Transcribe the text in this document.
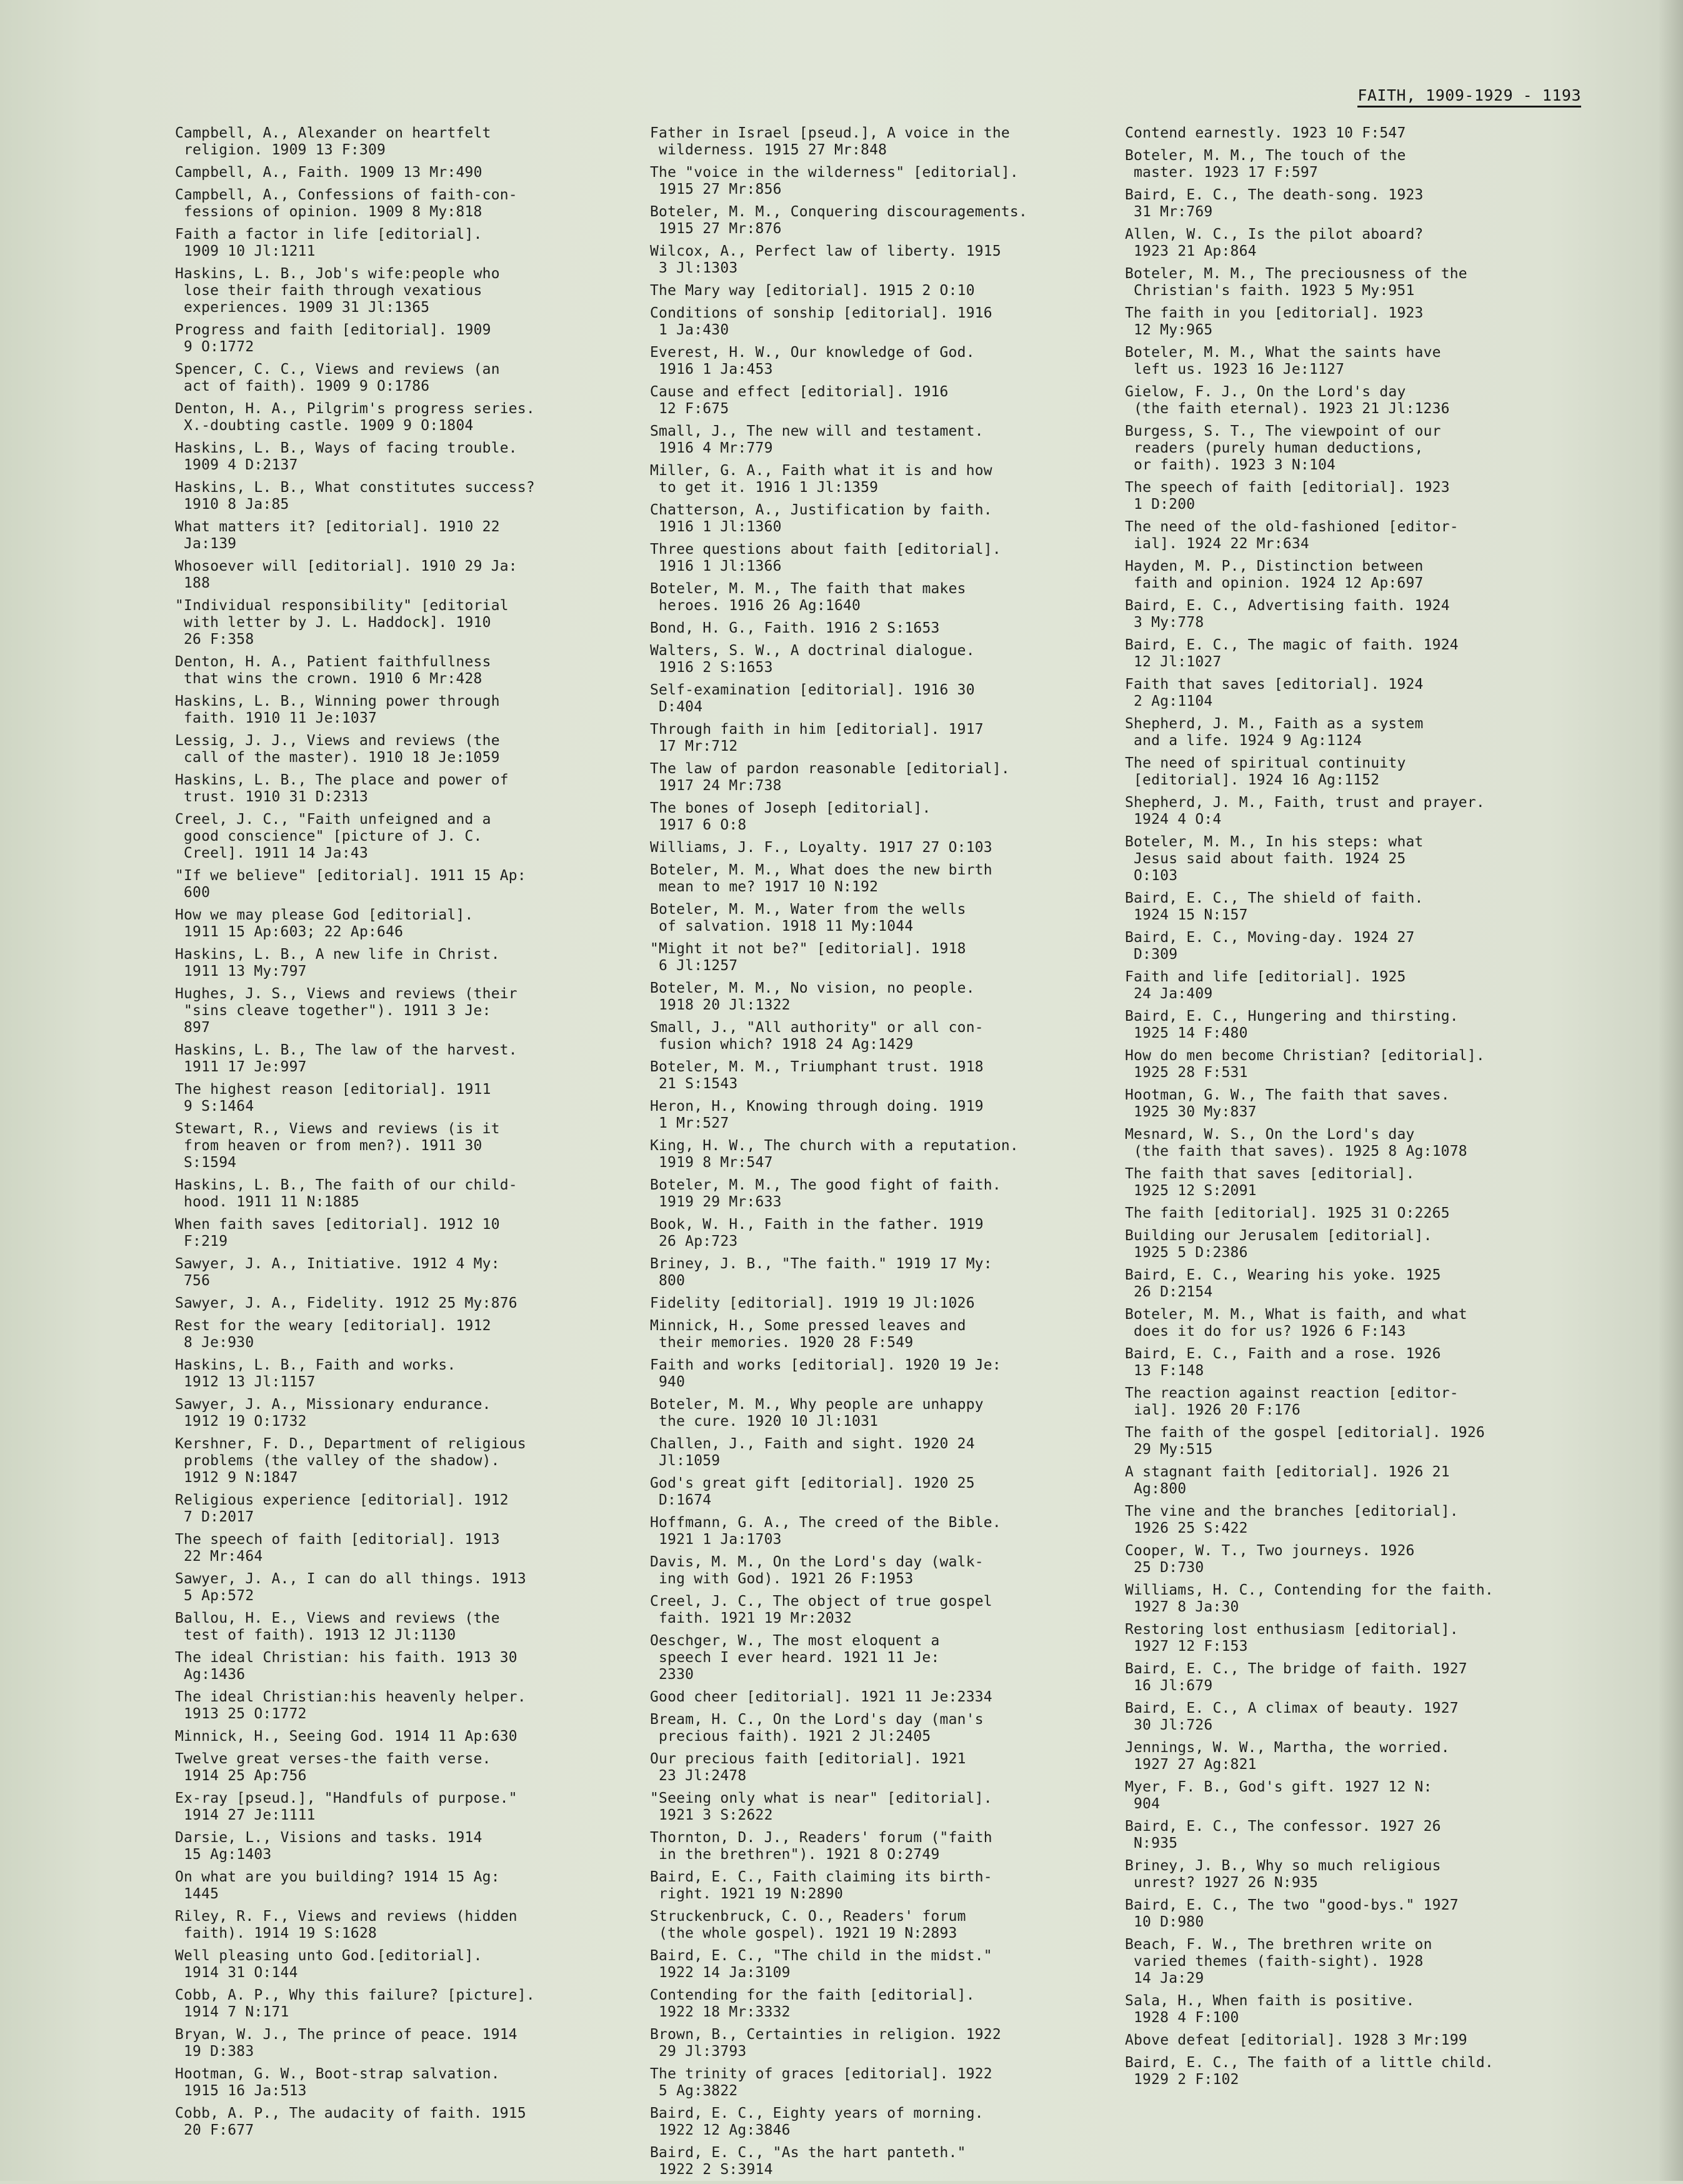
FAITH, 1909-1929 - 1193
Campbell, A., Alexander on heartfelt
religion. 1909 13 F:309
Campbell, A., Faith. 1909 13 Mr:490
Campbell, A., Confessions of faith-con-
fessions of opinion. 1909 8 My:818
Faith a factor in life [editorial].
1909 10 Jl:1211
Haskins, L. B., Job's wife:people who
lose their faith through vexatious
experiences. 1909 31 Jl:1365
Progress and faith [editorial]. 1909
9 O:1772
Spencer, C. C., Views and reviews (an
act of faith). 1909 9 O:1786
Denton, H. A., Pilgrim's progress series.
X.-doubting castle. 1909 9 O:1804
Haskins, L. B., Ways of facing trouble.
1909 4 D:2137
Haskins, L. B., What constitutes success?
1910 8 Ja:85
What matters it? [editorial]. 1910 22
Ja:139
Whosoever will [editorial]. 1910 29 Ja:
188
"Individual responsibility" [editorial
with letter by J. L. Haddock]. 1910
26 F:358
Denton, H. A., Patient faithfullness
that wins the crown. 1910 6 Mr:428
Haskins, L. B., Winning power through
faith. 1910 11 Je:1037
Lessig, J. J., Views and reviews (the
call of the master). 1910 18 Je:1059
Haskins, L. B., The place and power of
trust. 1910 31 D:2313
Creel, J. C., "Faith unfeigned and a
good conscience" [picture of J. C.
Creel]. 1911 14 Ja:43
"If we believe" [editorial]. 1911 15 Ap:
600
How we may please God [editorial].
1911 15 Ap:603; 22 Ap:646
Haskins, L. B., A new life in Christ.
1911 13 My:797
Hughes, J. S., Views and reviews (their
"sins cleave together"). 1911 3 Je:
897
Haskins, L. B., The law of the harvest.
1911 17 Je:997
The highest reason [editorial]. 1911
9 S:1464
Stewart, R., Views and reviews (is it
from heaven or from men?). 1911 30
S:1594
Haskins, L. B., The faith of our child-
hood. 1911 11 N:1885
When faith saves [editorial]. 1912 10
F:219
Sawyer, J. A., Initiative. 1912 4 My:
756
Sawyer, J. A., Fidelity. 1912 25 My:876
Rest for the weary [editorial]. 1912
8 Je:930
Haskins, L. B., Faith and works.
1912 13 Jl:1157
Sawyer, J. A., Missionary endurance.
1912 19 O:1732
Kershner, F. D., Department of religious
problems (the valley of the shadow).
1912 9 N:1847
Religious experience [editorial]. 1912
7 D:2017
The speech of faith [editorial]. 1913
22 Mr:464
Sawyer, J. A., I can do all things. 1913
5 Ap:572
Ballou, H. E., Views and reviews (the
test of faith). 1913 12 Jl:1130
The ideal Christian: his faith. 1913 30
Ag:1436
The ideal Christian:his heavenly helper.
1913 25 O:1772
Minnick, H., Seeing God. 1914 11 Ap:630
Twelve great verses-the faith verse.
1914 25 Ap:756
Ex-ray [pseud.], "Handfuls of purpose."
1914 27 Je:1111
Darsie, L., Visions and tasks. 1914
15 Ag:1403
On what are you building? 1914 15 Ag:
1445
Riley, R. F., Views and reviews (hidden
faith). 1914 19 S:1628
Well pleasing unto God.[editorial].
1914 31 O:144
Cobb, A. P., Why this failure? [picture].
1914 7 N:171
Bryan, W. J., The prince of peace. 1914
19 D:383
Hootman, G. W., Boot-strap salvation.
1915 16 Ja:513
Cobb, A. P., The audacity of faith. 1915
20 F:677
Father in Israel [pseud.], A voice in the
wilderness. 1915 27 Mr:848
The "voice in the wilderness" [editorial].
1915 27 Mr:856
Boteler, M. M., Conquering discouragements.
1915 27 Mr:876
Wilcox, A., Perfect law of liberty. 1915
3 Jl:1303
The Mary way [editorial]. 1915 2 O:10
Conditions of sonship [editorial]. 1916
1 Ja:430
Everest, H. W., Our knowledge of God.
1916 1 Ja:453
Cause and effect [editorial]. 1916
12 F:675
Small, J., The new will and testament.
1916 4 Mr:779
Miller, G. A., Faith what it is and how
to get it. 1916 1 Jl:1359
Chatterson, A., Justification by faith.
1916 1 Jl:1360
Three questions about faith [editorial].
1916 1 Jl:1366
Boteler, M. M., The faith that makes
heroes. 1916 26 Ag:1640
Bond, H. G., Faith. 1916 2 S:1653
Walters, S. W., A doctrinal dialogue.
1916 2 S:1653
Self-examination [editorial]. 1916 30
D:404
Through faith in him [editorial]. 1917
17 Mr:712
The law of pardon reasonable [editorial].
1917 24 Mr:738
The bones of Joseph [editorial].
1917 6 O:8
Williams, J. F., Loyalty. 1917 27 O:103
Boteler, M. M., What does the new birth
mean to me? 1917 10 N:192
Boteler, M. M., Water from the wells
of salvation. 1918 11 My:1044
"Might it not be?" [editorial]. 1918
6 Jl:1257
Boteler, M. M., No vision, no people.
1918 20 Jl:1322
Small, J., "All authority" or all con-
fusion which? 1918 24 Ag:1429
Boteler, M. M., Triumphant trust. 1918
21 S:1543
Heron, H., Knowing through doing. 1919
1 Mr:527
King, H. W., The church with a reputation.
1919 8 Mr:547
Boteler, M. M., The good fight of faith.
1919 29 Mr:633
Book, W. H., Faith in the father. 1919
26 Ap:723
Briney, J. B., "The faith." 1919 17 My:
800
Fidelity [editorial]. 1919 19 Jl:1026
Minnick, H., Some pressed leaves and
their memories. 1920 28 F:549
Faith and works [editorial]. 1920 19 Je:
940
Boteler, M. M., Why people are unhappy
the cure. 1920 10 Jl:1031
Challen, J., Faith and sight. 1920 24
Jl:1059
God's great gift [editorial]. 1920 25
D:1674
Hoffmann, G. A., The creed of the Bible.
1921 1 Ja:1703
Davis, M. M., On the Lord's day (walk-
ing with God). 1921 26 F:1953
Creel, J. C., The object of true gospel
faith. 1921 19 Mr:2032
Oeschger, W., The most eloquent a
speech I ever heard. 1921 11 Je:
2330
Good cheer [editorial]. 1921 11 Je:2334
Bream, H. C., On the Lord's day (man's
precious faith). 1921 2 Jl:2405
Our precious faith [editorial]. 1921
23 Jl:2478
"Seeing only what is near" [editorial].
1921 3 S:2622
Thornton, D. J., Readers' forum ("faith
in the brethren"). 1921 8 O:2749
Baird, E. C., Faith claiming its birth-
right. 1921 19 N:2890
Struckenbruck, C. O., Readers' forum
(the whole gospel). 1921 19 N:2893
Baird, E. C., "The child in the midst."
1922 14 Ja:3109
Contending for the faith [editorial].
1922 18 Mr:3332
Brown, B., Certainties in religion. 1922
29 Jl:3793
The trinity of graces [editorial]. 1922
5 Ag:3822
Baird, E. C., Eighty years of morning.
1922 12 Ag:3846
Baird, E. C., "As the hart panteth."
1922 2 S:3914
Contend earnestly. 1923 10 F:547
Boteler, M. M., The touch of the
master. 1923 17 F:597
Baird, E. C., The death-song. 1923
31 Mr:769
Allen, W. C., Is the pilot aboard?
1923 21 Ap:864
Boteler, M. M., The preciousness of the
Christian's faith. 1923 5 My:951
The faith in you [editorial]. 1923
12 My:965
Boteler, M. M., What the saints have
left us. 1923 16 Je:1127
Gielow, F. J., On the Lord's day
(the faith eternal). 1923 21 Jl:1236
Burgess, S. T., The viewpoint of our
readers (purely human deductions,
or faith). 1923 3 N:104
The speech of faith [editorial]. 1923
1 D:200
The need of the old-fashioned [editor-
ial]. 1924 22 Mr:634
Hayden, M. P., Distinction between
faith and opinion. 1924 12 Ap:697
Baird, E. C., Advertising faith. 1924
3 My:778
Baird, E. C., The magic of faith. 1924
12 Jl:1027
Faith that saves [editorial]. 1924
2 Ag:1104
Shepherd, J. M., Faith as a system
and a life. 1924 9 Ag:1124
The need of spiritual continuity
[editorial]. 1924 16 Ag:1152
Shepherd, J. M., Faith, trust and prayer.
1924 4 O:4
Boteler, M. M., In his steps: what
Jesus said about faith. 1924 25
O:103
Baird, E. C., The shield of faith.
1924 15 N:157
Baird, E. C., Moving-day. 1924 27
D:309
Faith and life [editorial]. 1925
24 Ja:409
Baird, E. C., Hungering and thirsting.
1925 14 F:480
How do men become Christian? [editorial].
1925 28 F:531
Hootman, G. W., The faith that saves.
1925 30 My:837
Mesnard, W. S., On the Lord's day
(the faith that saves). 1925 8 Ag:1078
The faith that saves [editorial].
1925 12 S:2091
The faith [editorial]. 1925 31 O:2265
Building our Jerusalem [editorial].
1925 5 D:2386
Baird, E. C., Wearing his yoke. 1925
26 D:2154
Boteler, M. M., What is faith, and what
does it do for us? 1926 6 F:143
Baird, E. C., Faith and a rose. 1926
13 F:148
The reaction against reaction [editor-
ial]. 1926 20 F:176
The faith of the gospel [editorial]. 1926
29 My:515
A stagnant faith [editorial]. 1926 21
Ag:800
The vine and the branches [editorial].
1926 25 S:422
Cooper, W. T., Two journeys. 1926
25 D:730
Williams, H. C., Contending for the faith.
1927 8 Ja:30
Restoring lost enthusiasm [editorial].
1927 12 F:153
Baird, E. C., The bridge of faith. 1927
16 Jl:679
Baird, E. C., A climax of beauty. 1927
30 Jl:726
Jennings, W. W., Martha, the worried.
1927 27 Ag:821
Myer, F. B., God's gift. 1927 12 N:
904
Baird, E. C., The confessor. 1927 26
N:935
Briney, J. B., Why so much religious
unrest? 1927 26 N:935
Baird, E. C., The two "good-bys." 1927
10 D:980
Beach, F. W., The brethren write on
varied themes (faith-sight). 1928
14 Ja:29
Sala, H., When faith is positive.
1928 4 F:100
Above defeat [editorial]. 1928 3 Mr:199
Baird, E. C., The faith of a little child.
1929 2 F:102
